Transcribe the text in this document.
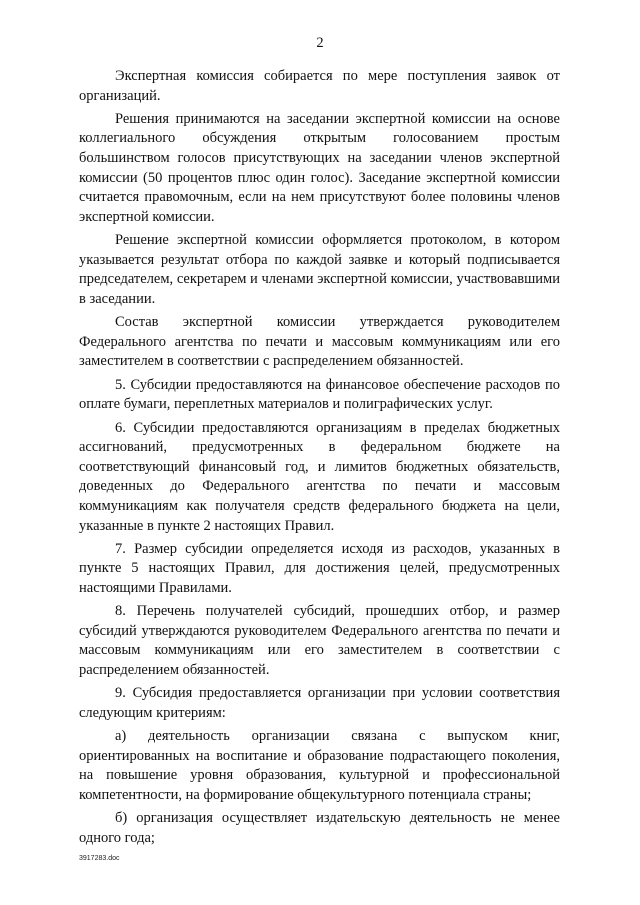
2

Экспертная комиссия собирается по мере поступления заявок от организаций.

Решения принимаются на заседании экспертной комиссии на основе коллегиального обсуждения открытым голосованием простым большинством голосов присутствующих на заседании членов экспертной комиссии (50 процентов плюс один голос). Заседание экспертной комиссии считается правомочным, если на нем присутствуют более половины членов экспертной комиссии.

Решение экспертной комиссии оформляется протоколом, в котором указывается результат отбора по каждой заявке и который подписывается председателем, секретарем и членами экспертной комиссии, участвовавшими в заседании.

Состав экспертной комиссии утверждается руководителем Федерального агентства по печати и массовым коммуникациям или его заместителем в соответствии с распределением обязанностей.

5. Субсидии предоставляются на финансовое обеспечение расходов по оплате бумаги, переплетных материалов и полиграфических услуг.

6. Субсидии предоставляются организациям в пределах бюджетных ассигнований, предусмотренных в федеральном бюджете на соответствующий финансовый год, и лимитов бюджетных обязательств, доведенных до Федерального агентства по печати и массовым коммуникациям как получателя средств федерального бюджета на цели, указанные в пункте 2 настоящих Правил.

7. Размер субсидии определяется исходя из расходов, указанных в пункте 5 настоящих Правил, для достижения целей, предусмотренных настоящими Правилами.

8. Перечень получателей субсидий, прошедших отбор, и размер субсидий утверждаются руководителем Федерального агентства по печати и массовым коммуникациям или его заместителем в соответствии с распределением обязанностей.

9. Субсидия предоставляется организации при условии соответствия следующим критериям:

а) деятельность организации связана с выпуском книг, ориентированных на воспитание и образование подрастающего поколения, на повышение уровня образования, культурной и профессиональной компетентности, на формирование общекультурного потенциала страны;

б) организация осуществляет издательскую деятельность не менее одного года;

3917283.doc
